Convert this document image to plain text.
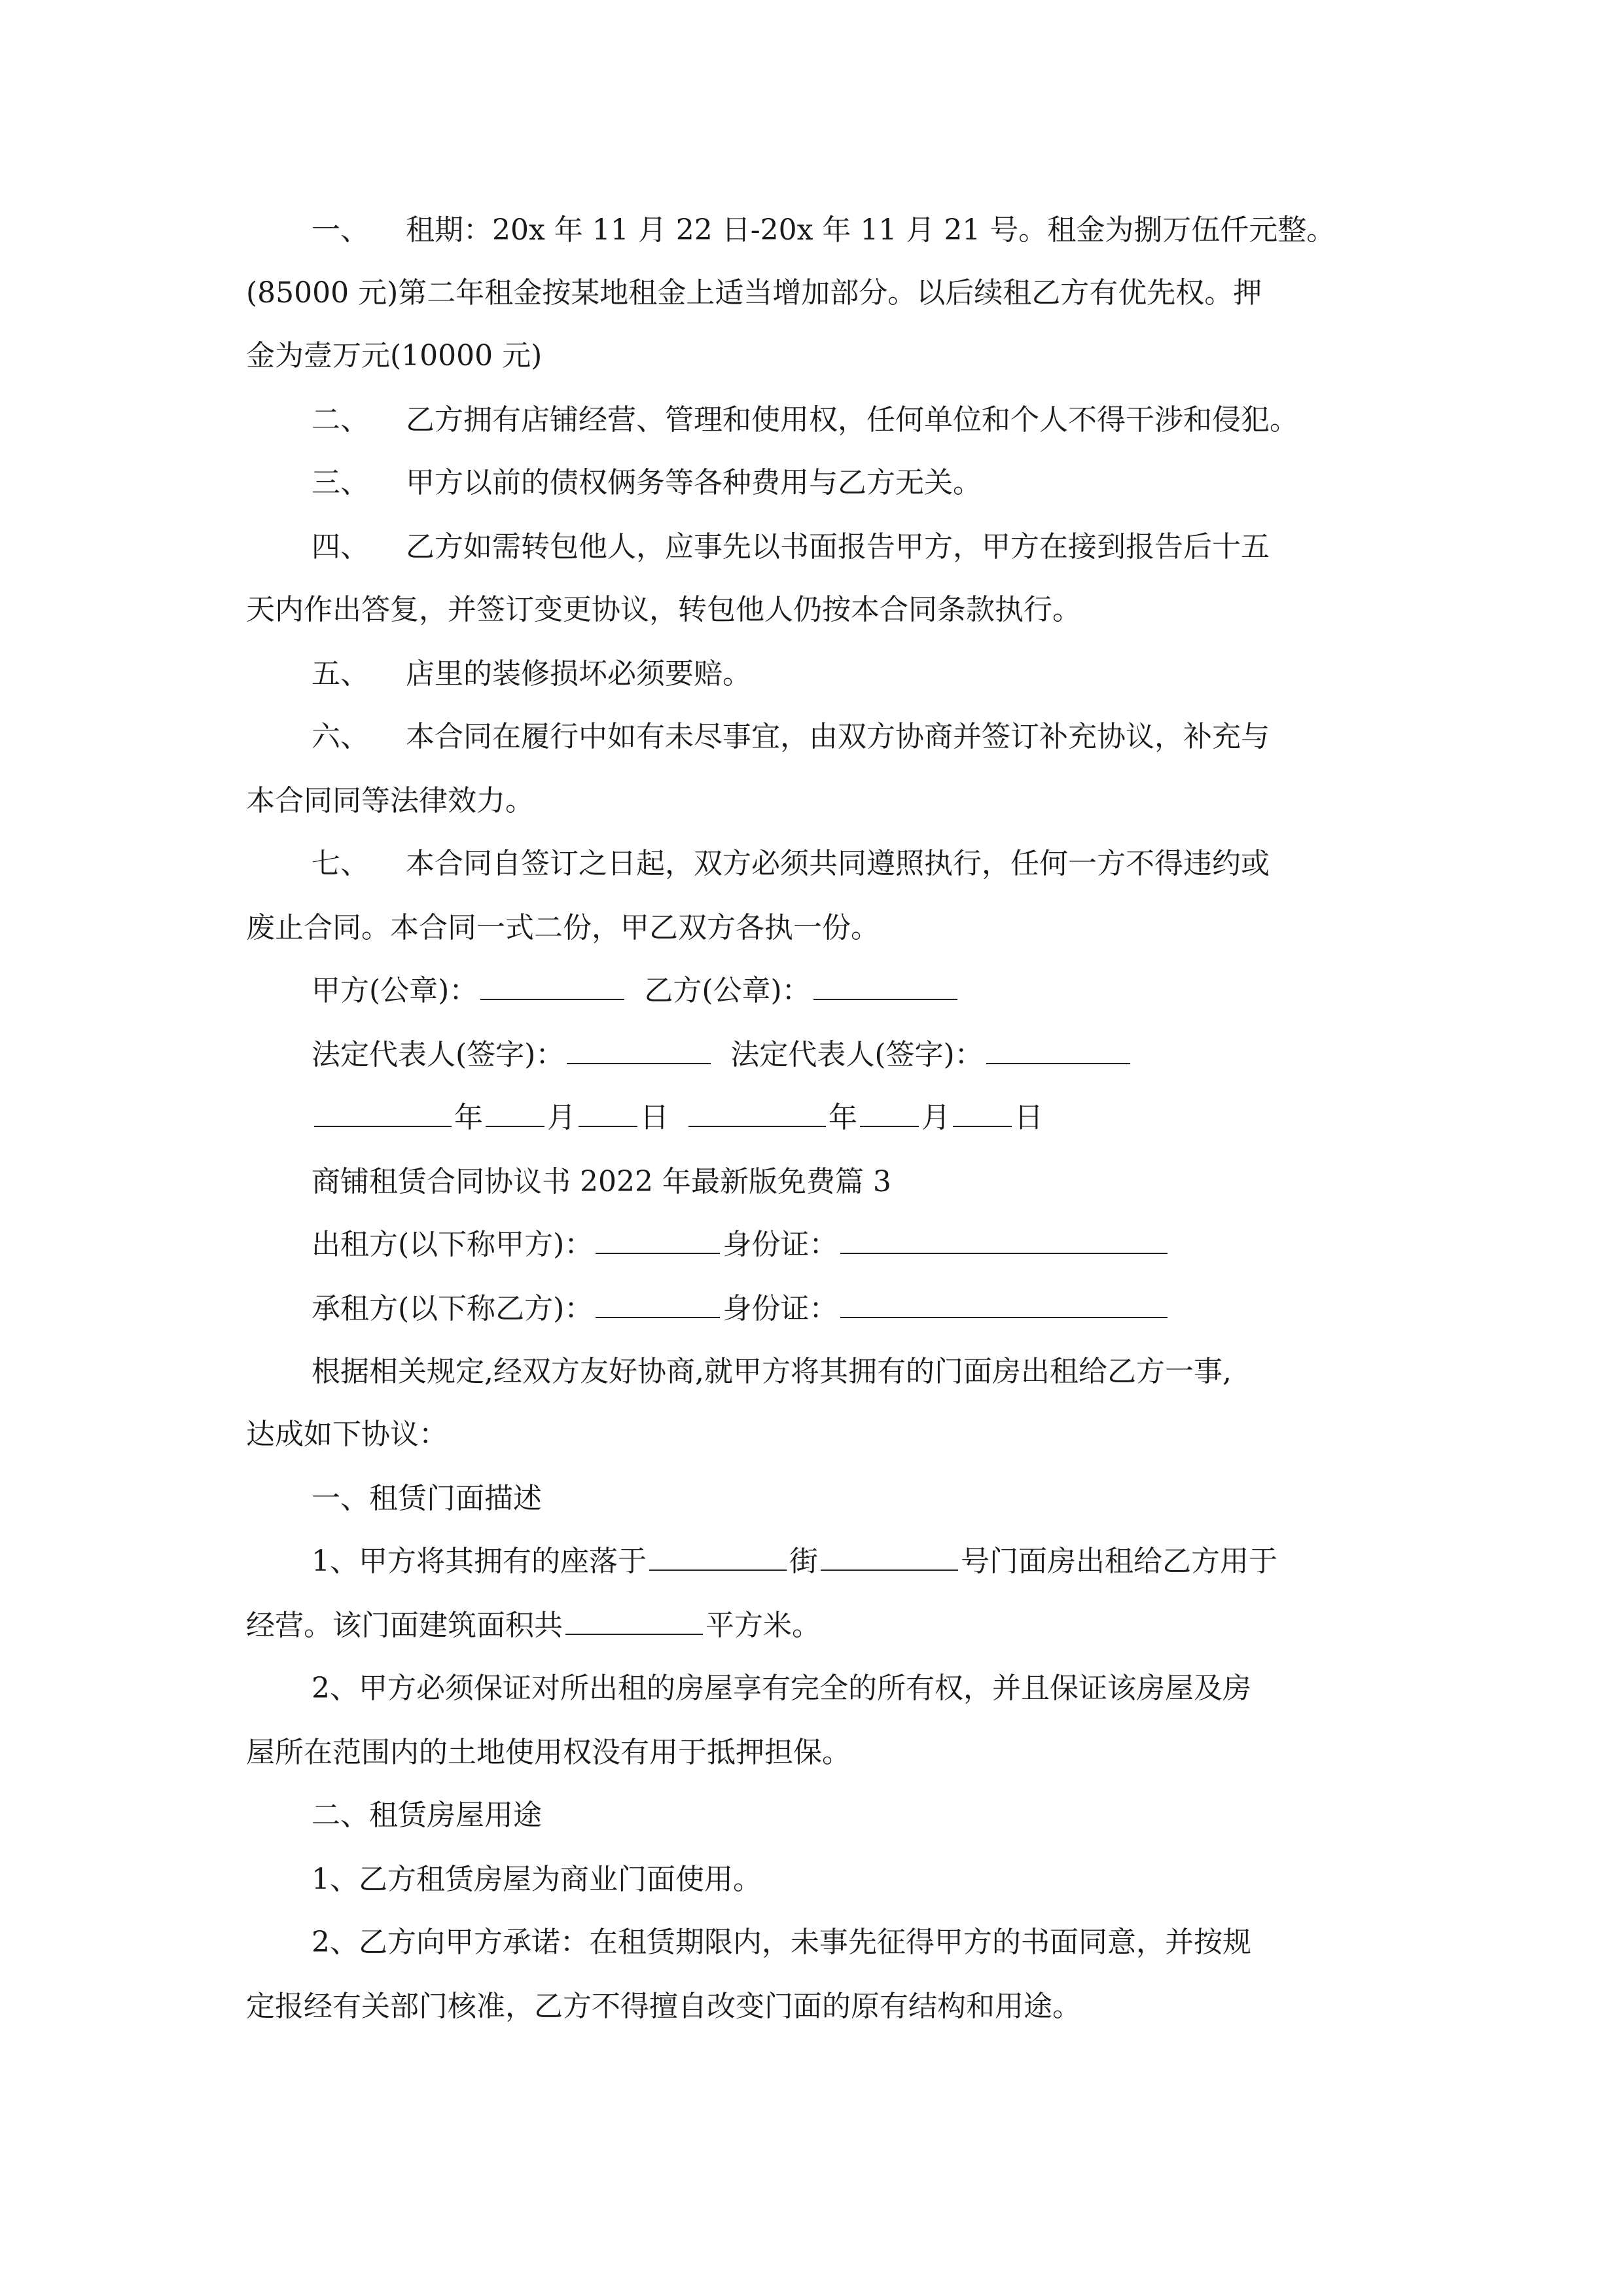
一、 租期：20x 年 11 月 22 日-20x 年 11 月 21 号。租金为捌万伍仟元整。
(85000 元)第二年租金按某地租金上适当增加部分。以后续租乙方有优先权。押
金为壹万元(10000 元)
二、 乙方拥有店铺经营、管理和使用权，任何单位和个人不得干涉和侵犯。
三、 甲方以前的债权俩务等各种费用与乙方无关。
四、 乙方如需转包他人，应事先以书面报告甲方，甲方在接到报告后十五
天内作出答复，并签订变更协议，转包他人仍按本合同条款执行。
五、 店里的装修损坏必须要赔。
六、 本合同在履行中如有未尽事宜，由双方协商并签订补充协议，补充与
本合同同等法律效力。
七、 本合同自签订之日起，双方必须共同遵照执行，任何一方不得违约或
废止合同。本合同一式二份，甲乙双方各执一份。
甲方(公章)：	乙方(公章)：
法定代表人(签字)：	法定代表人(签字)：
年 月 日	年 月 日
商铺租赁合同协议书 2022 年最新版免费篇 3
出租方(以下称甲方)：	身份证：
承租方(以下称乙方)：	身份证：
根据相关规定,经双方友好协商,就甲方将其拥有的门面房出租给乙方一事,
达成如下协议：
一、租赁门面描述
1、甲方将其拥有的座落于	街	号门面房出租给乙方用于
经营。该门面建筑面积共	平方米。
2、甲方必须保证对所出租的房屋享有完全的所有权，并且保证该房屋及房
屋所在范围内的土地使用权没有用于抵押担保。
二、租赁房屋用途
1、乙方租赁房屋为商业门面使用。
2、乙方向甲方承诺：在租赁期限内，未事先征得甲方的书面同意，并按规
定报经有关部门核准，乙方不得擅自改变门面的原有结构和用途。
